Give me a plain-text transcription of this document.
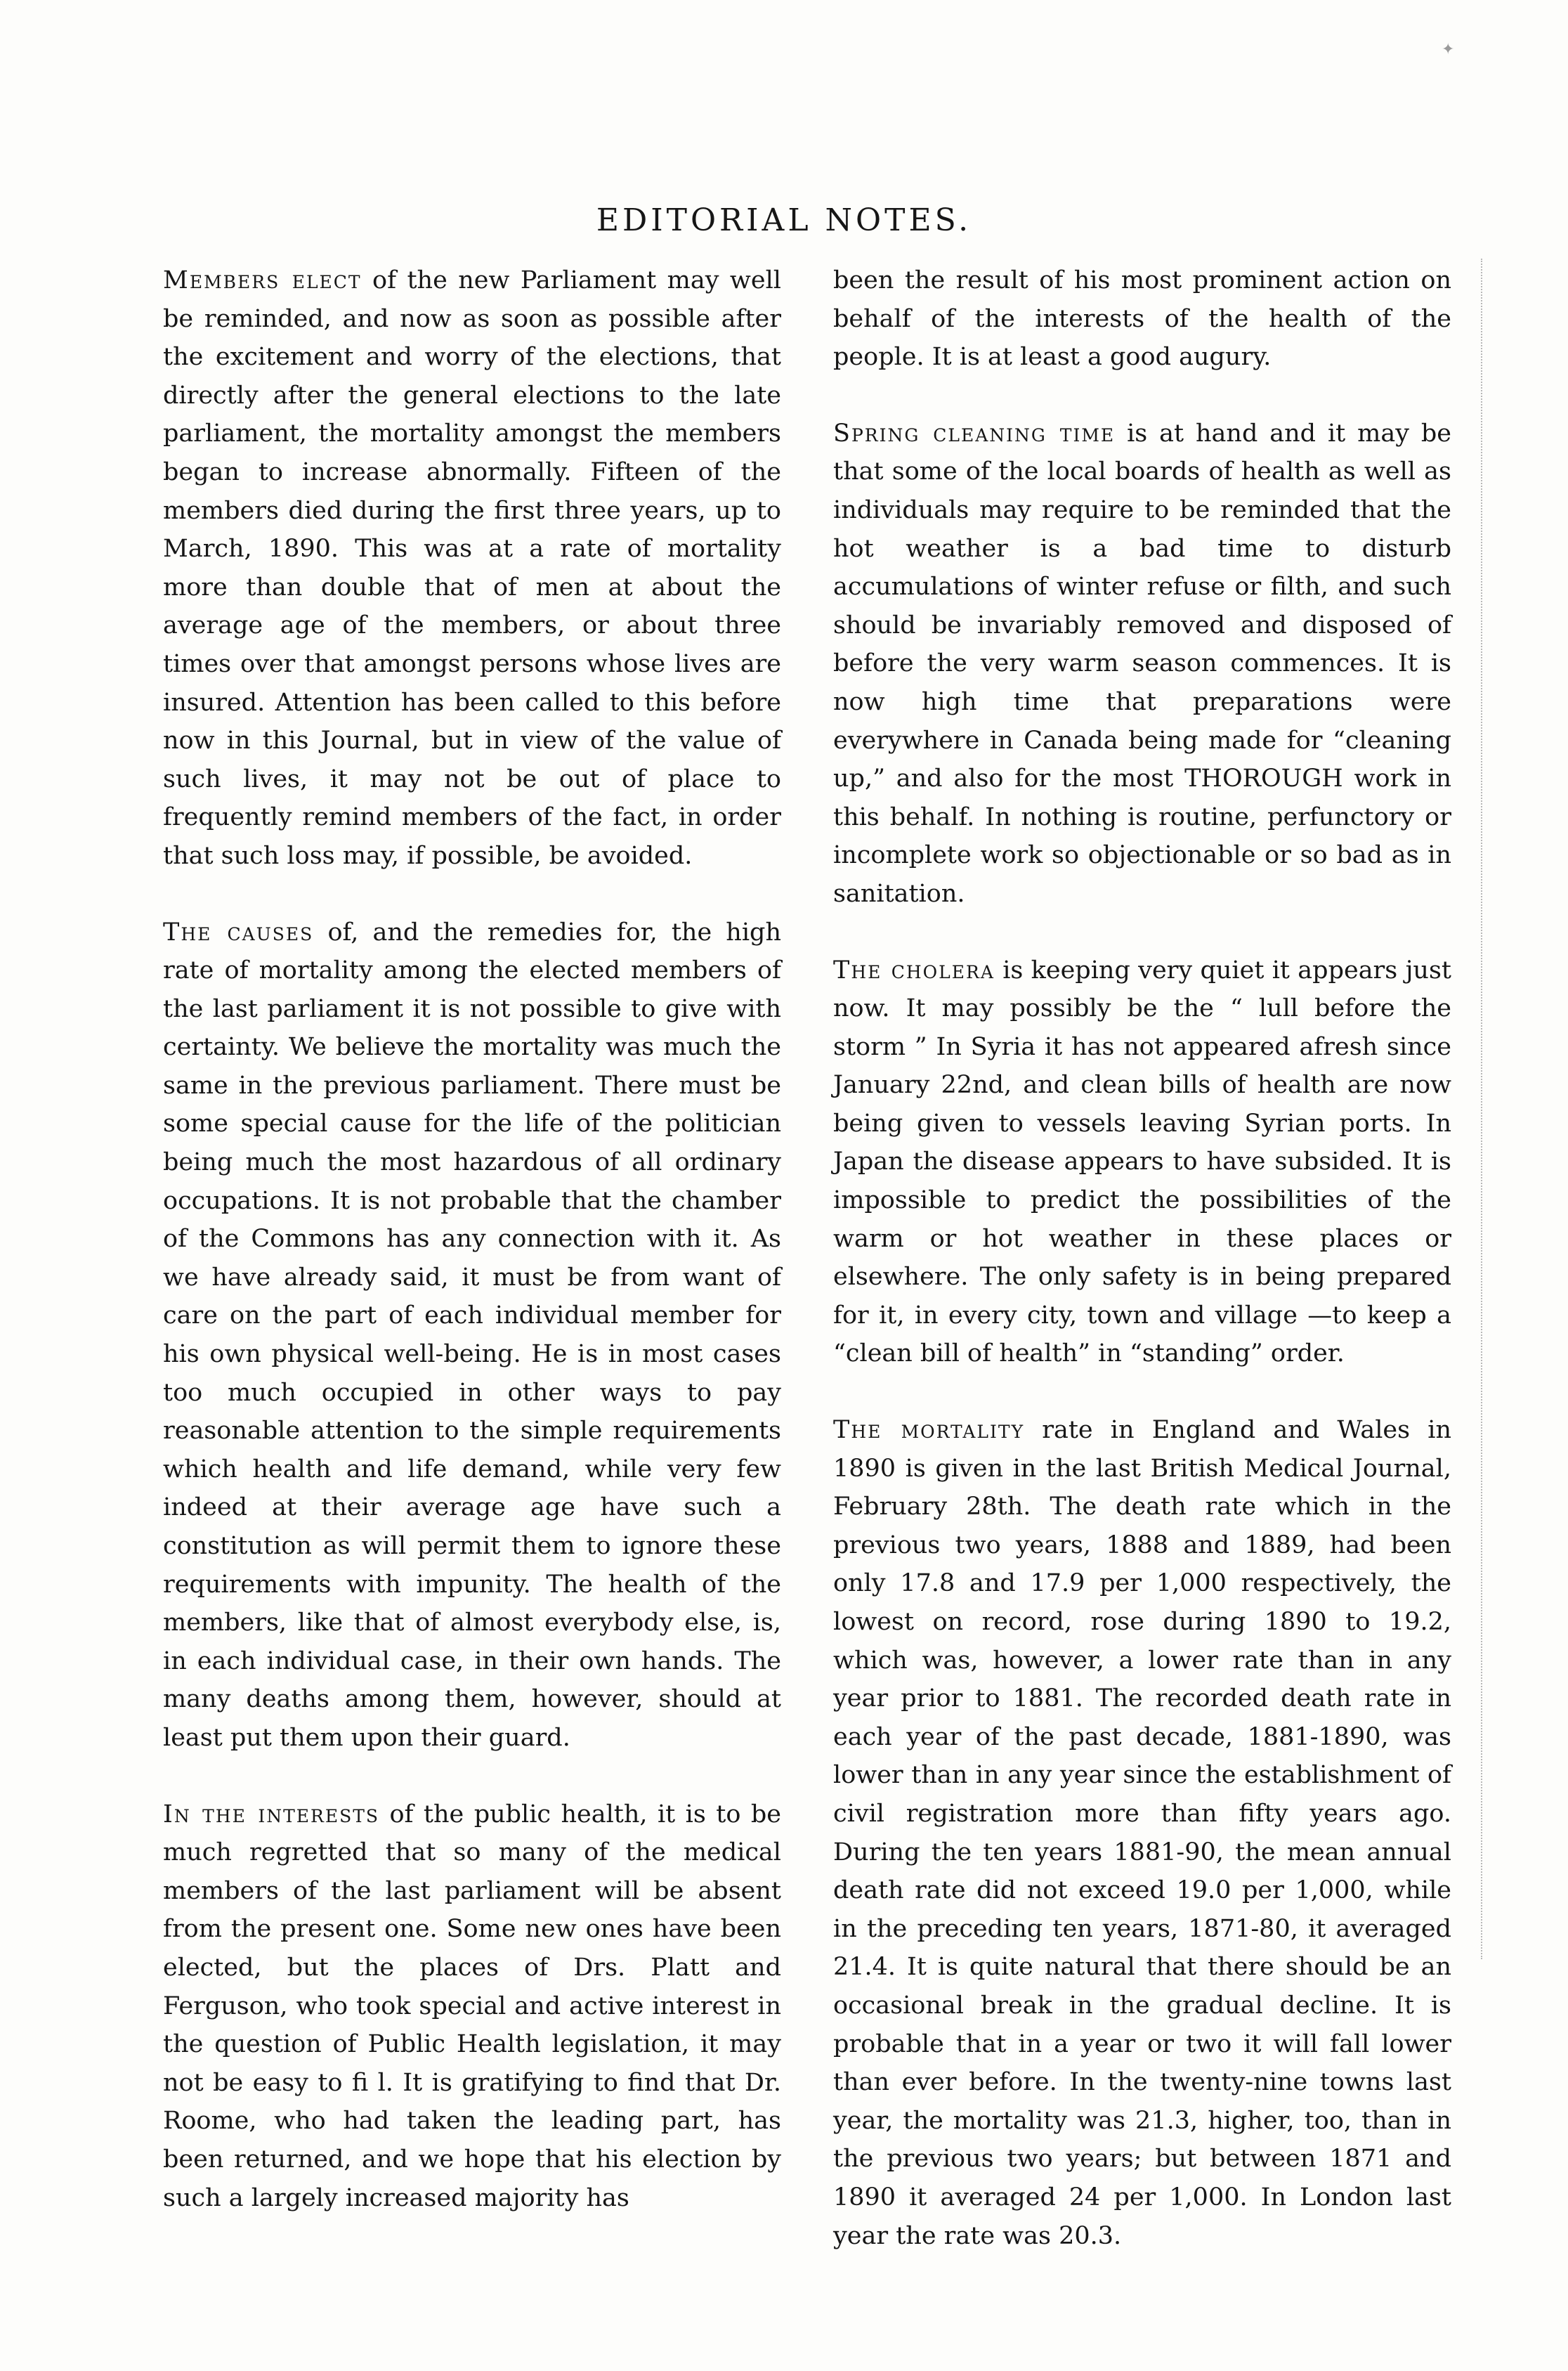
✦
EDITORIAL NOTES.

Members elect of the new Parliament may well be reminded, and now as soon as possible after the excitement and worry of the elections, that directly after the general elections to the late parliament, the mortality amongst the members began to increase abnormally. Fifteen of the members died during the first three years, up to March, 1890. This was at a rate of mortality more than double that of men at about the average age of the members, or about three times over that amongst persons whose lives are insured. Attention has been called to this before now in this Journal, but in view of the value of such lives, it may not be out of place to frequently remind members of the fact, in order that such loss may, if possible, be avoided.

The causes of, and the remedies for, the high rate of mortality among the elected members of the last parliament it is not possible to give with certainty. We believe the mortality was much the same in the previous parliament. There must be some special cause for the life of the politician being much the most hazardous of all ordinary occupations. It is not probable that the chamber of the Commons has any connection with it. As we have already said, it must be from want of care on the part of each individual member for his own physical well-being. He is in most cases too much occupied in other ways to pay reasonable attention to the simple requirements which health and life demand, while very few indeed at their average age have such a constitution as will permit them to ignore these requirements with impunity. The health of the members, like that of almost everybody else, is, in each individual case, in their own hands. The many deaths among them, however, should at least put them upon their guard.

In the interests of the public health, it is to be much regretted that so many of the medical members of the last parliament will be absent from the present one. Some new ones have been elected, but the places of Drs. Platt and Ferguson, who took special and active interest in the question of Public Health legislation, it may not be easy to fi l. It is gratifying to find that Dr. Roome, who had taken the leading part, has been returned, and we hope that his election by such a largely increased majority has

been the result of his most prominent action on behalf of the interests of the health of the people. It is at least a good augury.

Spring cleaning time is at hand and it may be that some of the local boards of health as well as individuals may require to be reminded that the hot weather is a bad time to disturb accumulations of winter refuse or filth, and such should be invariably removed and disposed of before the very warm season commences. It is now high time that preparations were everywhere in Canada being made for “cleaning up,” and also for the most THOROUGH work in this behalf. In nothing is routine, perfunctory or incomplete work so objectionable or so bad as in sanitation.

The cholera is keeping very quiet it appears just now. It may possibly be the “ lull before the storm ” In Syria it has not appeared afresh since January 22nd, and clean bills of health are now being given to vessels leaving Syrian ports. In Japan the disease appears to have subsided. It is impossible to predict the possibilities of the warm or hot weather in these places or elsewhere. The only safety is in being prepared for it, in every city, town and village —to keep a “clean bill of health” in “standing” order.

The mortality rate in England and Wales in 1890 is given in the last British Medical Journal, February 28th. The death rate which in the previous two years, 1888 and 1889, had been only 17.8 and 17.9 per 1,000 respectively, the lowest on record, rose during 1890 to 19.2, which was, however, a lower rate than in any year prior to 1881. The recorded death rate in each year of the past decade, 1881-1890, was lower than in any year since the establishment of civil registration more than fifty years ago. During the ten years 1881-90, the mean annual death rate did not exceed 19.0 per 1,000, while in the preceding ten years, 1871-80, it averaged 21.4. It is quite natural that there should be an occasional break in the gradual decline. It is probable that in a year or two it will fall lower than ever before. In the twenty-nine towns last year, the mortality was 21.3, higher, too, than in the previous two years; but between 1871 and 1890 it averaged 24 per 1,000. In London last year the rate was 20.3.
